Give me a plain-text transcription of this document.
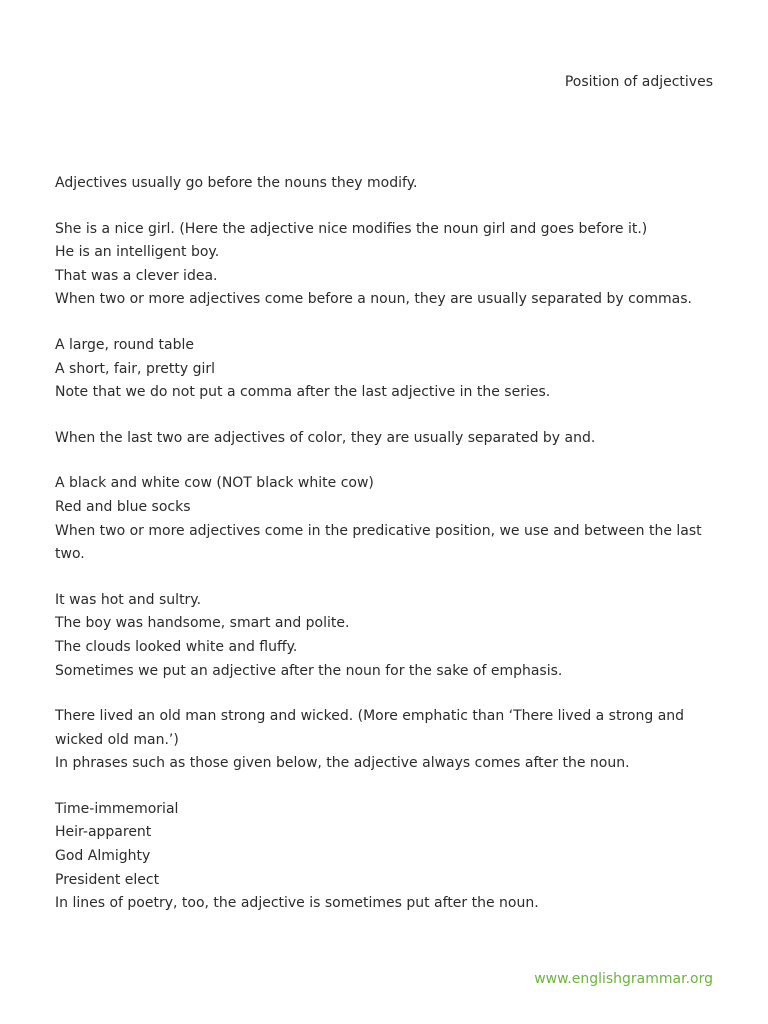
Position of adjectives

Adjectives usually go before the nouns they modify.

She is a nice girl. (Here the adjective nice modifies the noun girl and goes before it.)

He is an intelligent boy.

That was a clever idea.

When two or more adjectives come before a noun, they are usually separated by commas.

A large, round table

A short, fair, pretty girl

Note that we do not put a comma after the last adjective in the series.

When the last two are adjectives of color, they are usually separated by and.

A black and white cow (NOT black white cow)

Red and blue socks

When two or more adjectives come in the predicative position, we use and between the last two.

It was hot and sultry.

The boy was handsome, smart and polite.

The clouds looked white and fluffy.

Sometimes we put an adjective after the noun for the sake of emphasis.

There lived an old man strong and wicked. (More emphatic than ‘There lived a strong and wicked old man.’)

In phrases such as those given below, the adjective always comes after the noun.

Time-immemorial

Heir-apparent

God Almighty

President elect

In lines of poetry, too, the adjective is sometimes put after the noun.

www.englishgrammar.org
